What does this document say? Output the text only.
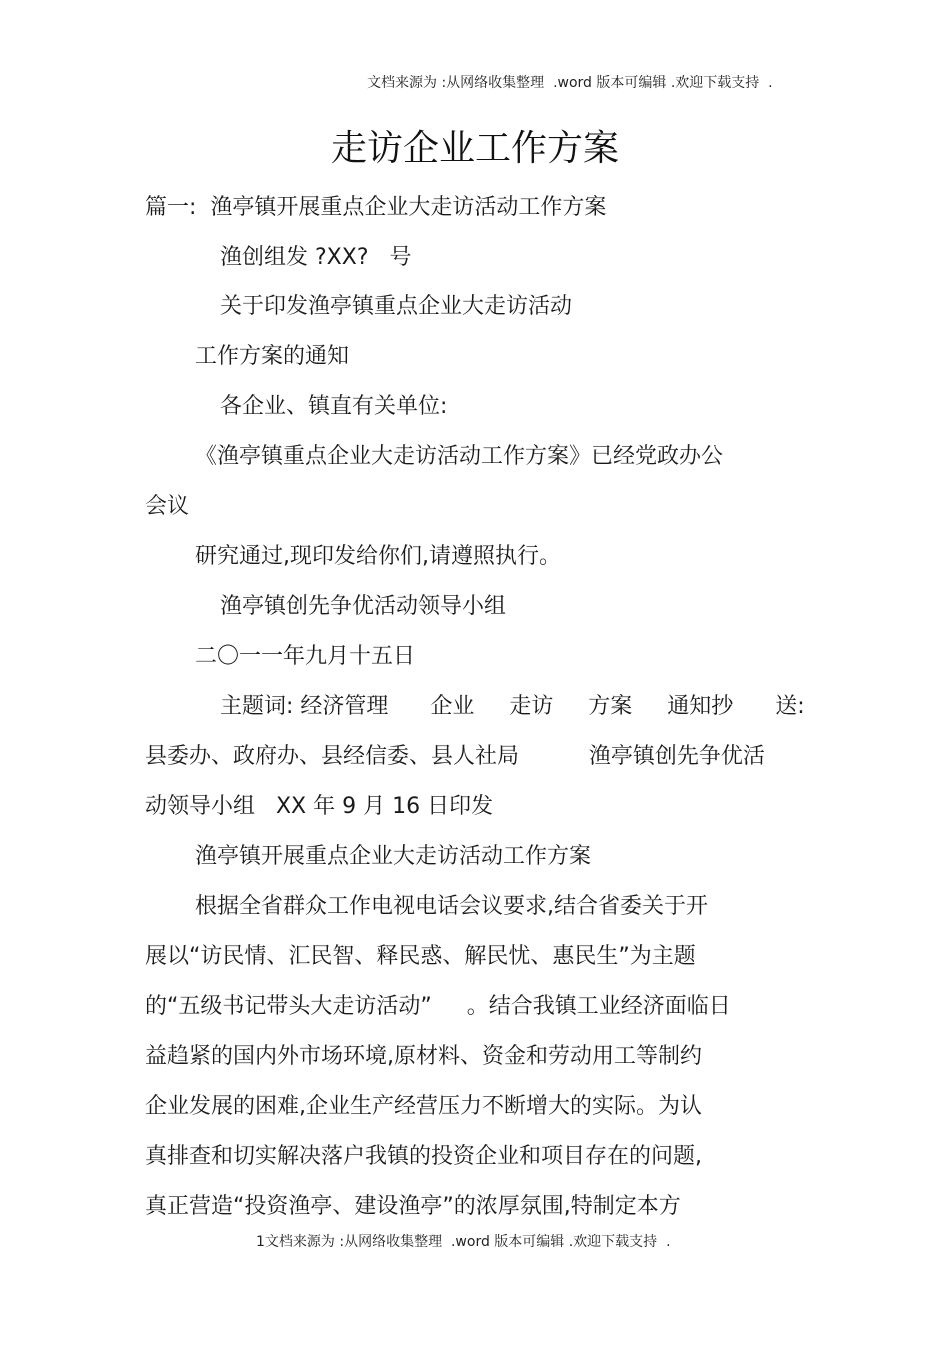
文档来源为 :从网络收集整理  .word 版本可编辑 .欢迎下载支持  .
走访企业工作方案
篇一:  渔亭镇开展重点企业大走访活动工作方案
渔创组发 ?XX?   号
关于印发渔亭镇重点企业大走访活动
工作方案的通知
各企业、镇直有关单位:
《渔亭镇重点企业大走访活动工作方案》已经党政办公
会议
研究通过,现印发给你们,请遵照执行。
渔亭镇创先争优活动领导小组
二〇一一年九月十五日
主题词: 经济管理      企业     走访     方案     通知抄      送:
县委办、政府办、县经信委、县人社局          渔亭镇创先争优活
动领导小组   XX 年 9 月 16 日印发
渔亭镇开展重点企业大走访活动工作方案
根据全省群众工作电视电话会议要求,结合省委关于开
展以“访民情、汇民智、释民惑、解民忧、惠民生”为主题
的“五级书记带头大走访活动”     。结合我镇工业经济面临日
益趋紧的国内外市场环境,原材料、资金和劳动用工等制约
企业发展的困难,企业生产经营压力不断增大的实际。为认
真排查和切实解决落户我镇的投资企业和项目存在的问题,
真正营造“投资渔亭、建设渔亭”的浓厚氛围,特制定本方
1文档来源为 :从网络收集整理  .word 版本可编辑 .欢迎下载支持  .
